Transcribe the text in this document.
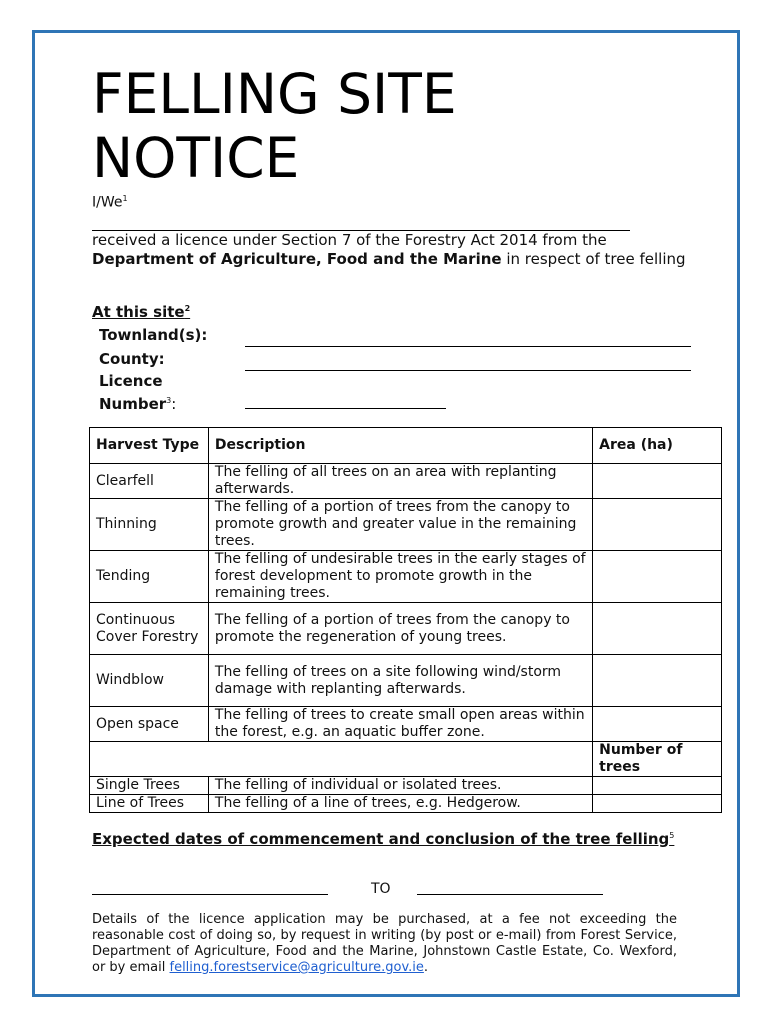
FELLING SITE
NOTICE
I/We$^1$
received a licence under Section 7 of the Forestry Act 2014 from the Department of Agriculture, Food and the Marine in respect of tree felling
At this site$^2$
Townland(s):
County:
Licence
Number$^3$:
Harvest Type	Description	Area (ha)
Clearfell	The felling of all trees on an area with replanting afterwards.	
Thinning	The felling of a portion of trees from the canopy to promote growth and greater value in the remaining trees.	
Tending	The felling of undesirable trees in the early stages of forest development to promote growth in the remaining trees.	
Continuous Cover Forestry	The felling of a portion of trees from the canopy to promote the regeneration of young trees.	
Windblow	The felling of trees on a site following wind/storm damage with replanting afterwards.	
Open space	The felling of trees to create small open areas within the forest, e.g. an aquatic buffer zone.	
		Number of trees
Single Trees	The felling of individual or isolated trees.	
Line of Trees	The felling of a line of trees, e.g. Hedgerow.	
Expected dates of commencement and conclusion of the tree felling$^5$
TO
Details of the licence application may be purchased, at a fee not exceeding the reasonable cost of doing so, by request in writing (by post or e-mail) from Forest Service, Department of Agriculture, Food and the Marine, Johnstown Castle Estate, Co. Wexford, or by email felling.forestservice@agriculture.gov.ie.
